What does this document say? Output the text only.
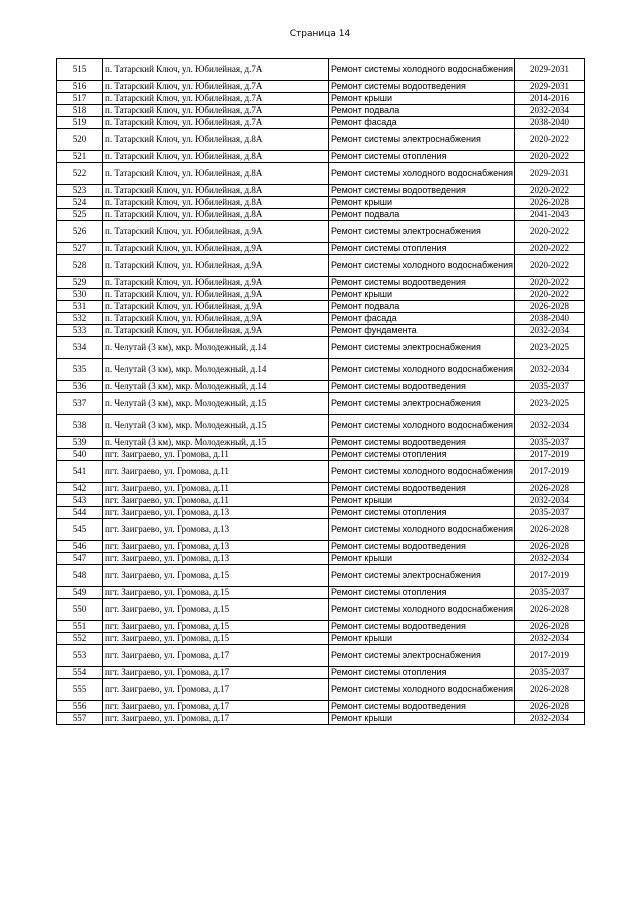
Страница 14
515	п. Татарский Ключ, ул. Юбилейная, д.7А	Ремонт системы холодного водоснабжения	2029-2031
516	п. Татарский Ключ, ул. Юбилейная, д.7А	Ремонт системы водоотведения	2029-2031
517	п. Татарский Ключ, ул. Юбилейная, д.7А	Ремонт крыши	2014-2016
518	п. Татарский Ключ, ул. Юбилейная, д.7А	Ремонт подвала	2032-2034
519	п. Татарский Ключ, ул. Юбилейная, д.7А	Ремонт фасада	2038-2040
520	п. Татарский Ключ, ул. Юбилейная, д.8А	Ремонт системы электроснабжения	2020-2022
521	п. Татарский Ключ, ул. Юбилейная, д.8А	Ремонт системы отопления	2020-2022
522	п. Татарский Ключ, ул. Юбилейная, д.8А	Ремонт системы холодного водоснабжения	2029-2031
523	п. Татарский Ключ, ул. Юбилейная, д.8А	Ремонт системы водоотведения	2020-2022
524	п. Татарский Ключ, ул. Юбилейная, д.8А	Ремонт крыши	2026-2028
525	п. Татарский Ключ, ул. Юбилейная, д.8А	Ремонт подвала	2041-2043
526	п. Татарский Ключ, ул. Юбилейная, д.9А	Ремонт системы электроснабжения	2020-2022
527	п. Татарский Ключ, ул. Юбилейная, д.9А	Ремонт системы отопления	2020-2022
528	п. Татарский Ключ, ул. Юбилейная, д.9А	Ремонт системы холодного водоснабжения	2020-2022
529	п. Татарский Ключ, ул. Юбилейная, д.9А	Ремонт системы водоотведения	2020-2022
530	п. Татарский Ключ, ул. Юбилейная, д.9А	Ремонт крыши	2020-2022
531	п. Татарский Ключ, ул. Юбилейная, д.9А	Ремонт подвала	2026-2028
532	п. Татарский Ключ, ул. Юбилейная, д.9А	Ремонт фасада	2038-2040
533	п. Татарский Ключ, ул. Юбилейная, д.9А	Ремонт фундамента	2032-2034
534	п. Челутай (3 км), мкр. Молодежный, д.14	Ремонт системы электроснабжения	2023-2025
535	п. Челутай (3 км), мкр. Молодежный, д.14	Ремонт системы холодного водоснабжения	2032-2034
536	п. Челутай (3 км), мкр. Молодежный, д.14	Ремонт системы водоотведения	2035-2037
537	п. Челутай (3 км), мкр. Молодежный, д.15	Ремонт системы электроснабжения	2023-2025
538	п. Челутай (3 км), мкр. Молодежный, д.15	Ремонт системы холодного водоснабжения	2032-2034
539	п. Челутай (3 км), мкр. Молодежный, д.15	Ремонт системы водоотведения	2035-2037
540	пгт. Заиграево, ул. Громова, д.11	Ремонт системы отопления	2017-2019
541	пгт. Заиграево, ул. Громова, д.11	Ремонт системы холодного водоснабжения	2017-2019
542	пгт. Заиграево, ул. Громова, д.11	Ремонт системы водоотведения	2026-2028
543	пгт. Заиграево, ул. Громова, д.11	Ремонт крыши	2032-2034
544	пгт. Заиграево, ул. Громова, д.13	Ремонт системы отопления	2035-2037
545	пгт. Заиграево, ул. Громова, д.13	Ремонт системы холодного водоснабжения	2026-2028
546	пгт. Заиграево, ул. Громова, д.13	Ремонт системы водоотведения	2026-2028
547	пгт. Заиграево, ул. Громова, д.13	Ремонт крыши	2032-2034
548	пгт. Заиграево, ул. Громова, д.15	Ремонт системы электроснабжения	2017-2019
549	пгт. Заиграево, ул. Громова, д.15	Ремонт системы отопления	2035-2037
550	пгт. Заиграево, ул. Громова, д.15	Ремонт системы холодного водоснабжения	2026-2028
551	пгт. Заиграево, ул. Громова, д.15	Ремонт системы водоотведения	2026-2028
552	пгт. Заиграево, ул. Громова, д.15	Ремонт крыши	2032-2034
553	пгт. Заиграево, ул. Громова, д.17	Ремонт системы электроснабжения	2017-2019
554	пгт. Заиграево, ул. Громова, д.17	Ремонт системы отопления	2035-2037
555	пгт. Заиграево, ул. Громова, д.17	Ремонт системы холодного водоснабжения	2026-2028
556	пгт. Заиграево, ул. Громова, д.17	Ремонт системы водоотведения	2026-2028
557	пгт. Заиграево, ул. Громова, д.17	Ремонт крыши	2032-2034
